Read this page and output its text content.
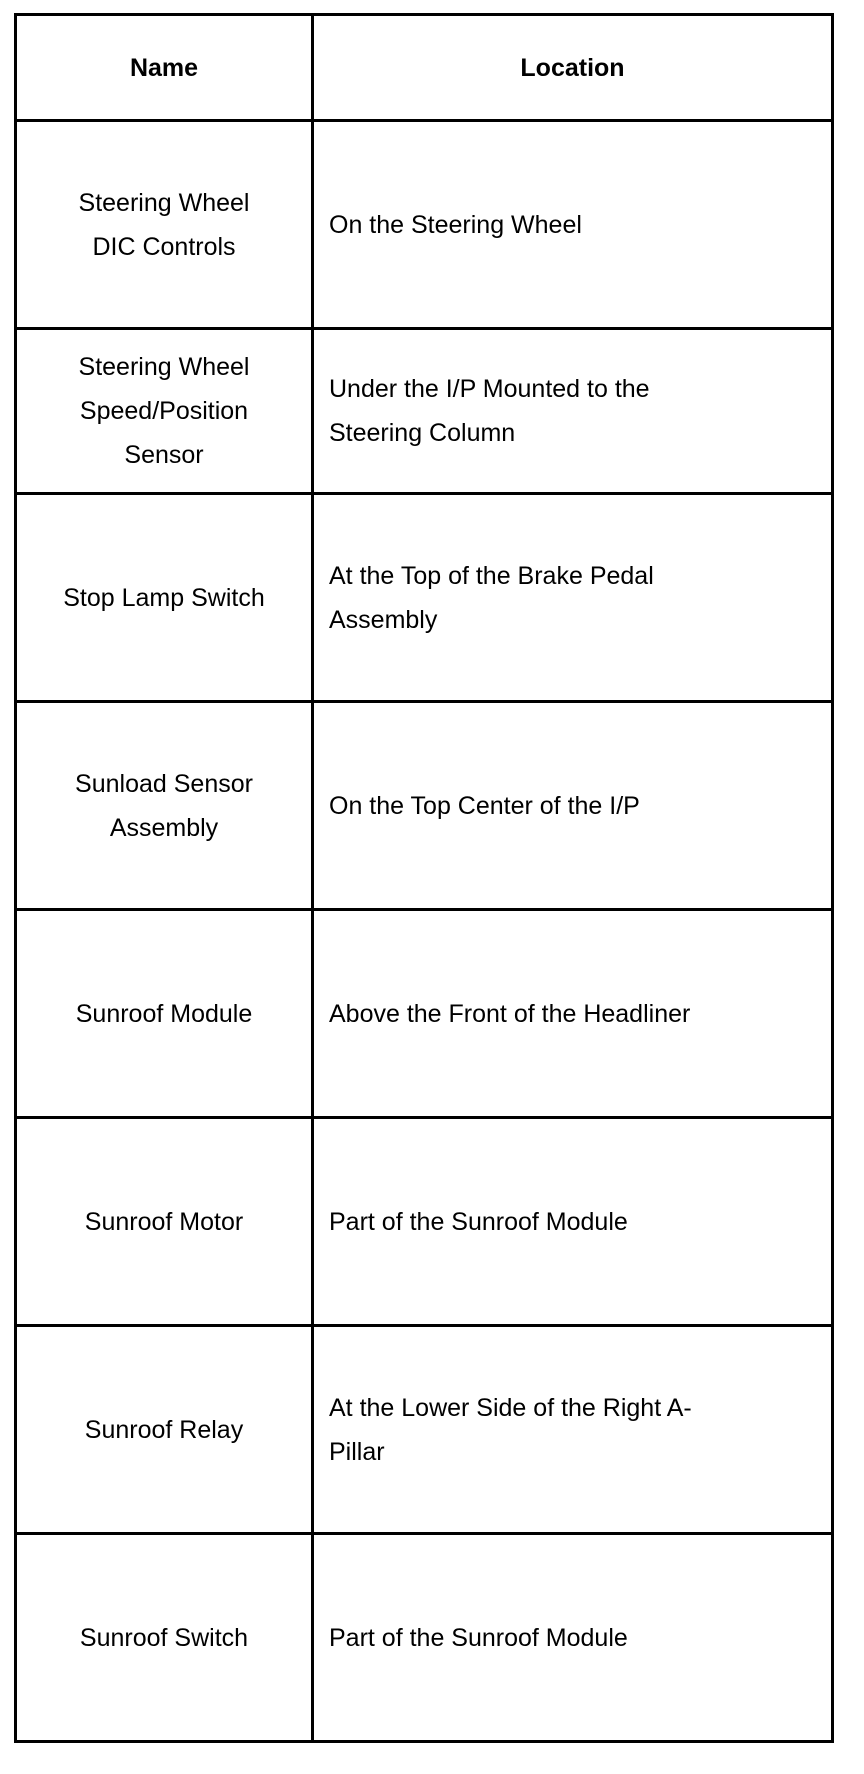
Name	Location

Steering Wheel DIC Controls	On the Steering Wheel

Steering Wheel Speed/Position Sensor	Under the I/P Mounted to the Steering Column

Stop Lamp Switch	At the Top of the Brake Pedal Assembly

Sunload Sensor Assembly	On the Top Center of the I/P

Sunroof Module	Above the Front of the Headliner

Sunroof Motor	Part of the Sunroof Module

Sunroof Relay	At the Lower Side of the Right A-Pillar

Sunroof Switch	Part of the Sunroof Module
